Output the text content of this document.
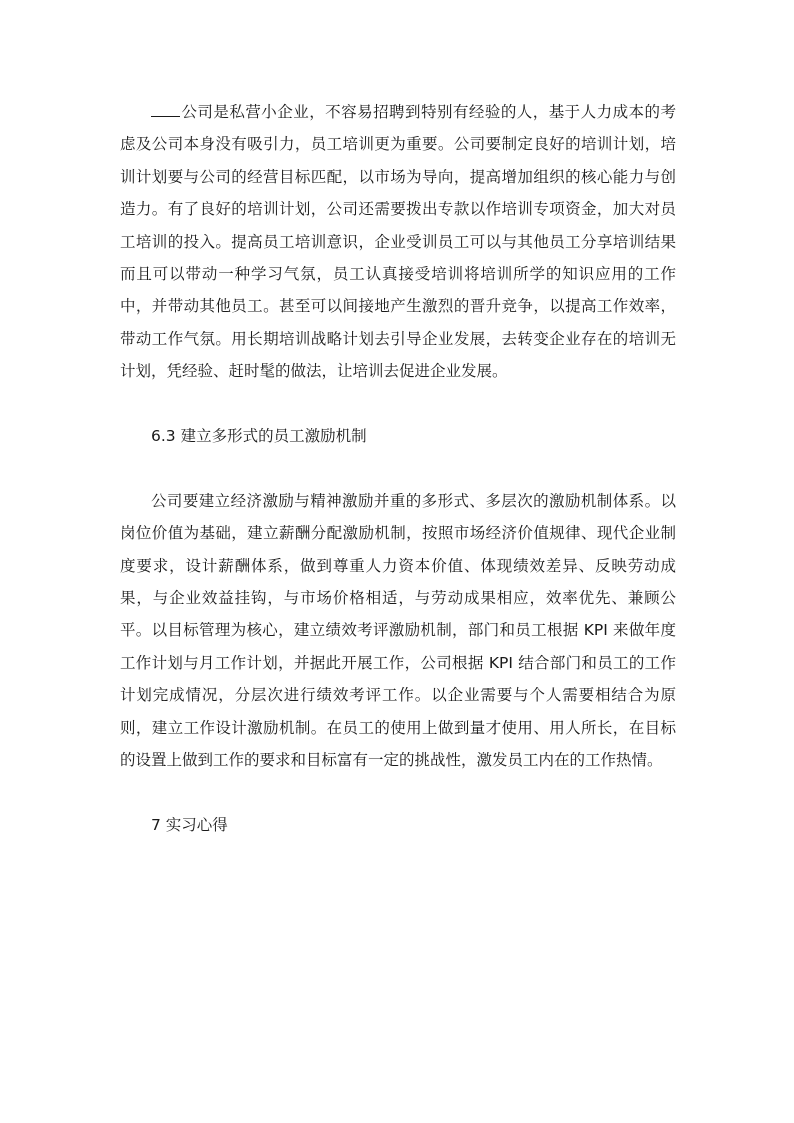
公司是私营小企业，不容易招聘到特别有经验的人，基于人力成本的考虑及公司本身没有吸引力，员工培训更为重要。公司要制定良好的培训计划，培训计划要与公司的经营目标匹配，以市场为导向，提高增加组织的核心能力与创造力。有了良好的培训计划，公司还需要拨出专款以作培训专项资金，加大对员工培训的投入。提高员工培训意识，企业受训员工可以与其他员工分享培训结果而且可以带动一种学习气氛，员工认真接受培训将培训所学的知识应用的工作中，并带动其他员工。甚至可以间接地产生激烈的晋升竞争，以提高工作效率，带动工作气氛。用长期培训战略计划去引导企业发展，去转变企业存在的培训无计划，凭经验、赶时髦的做法，让培训去促进企业发展。

6.3 建立多形式的员工激励机制

公司要建立经济激励与精神激励并重的多形式、多层次的激励机制体系。以岗位价值为基础，建立薪酬分配激励机制，按照市场经济价值规律、现代企业制度要求，设计薪酬体系，做到尊重人力资本价值、体现绩效差异、反映劳动成果，与企业效益挂钩，与市场价格相适，与劳动成果相应，效率优先、兼顾公平。以目标管理为核心，建立绩效考评激励机制，部门和员工根据 KPI 来做年度工作计划与月工作计划，并据此开展工作，公司根据 KPI 结合部门和员工的工作计划完成情况，分层次进行绩效考评工作。以企业需要与个人需要相结合为原则，建立工作设计激励机制。在员工的使用上做到量才使用、用人所长，在目标的设置上做到工作的要求和目标富有一定的挑战性，激发员工内在的工作热情。

7 实习心得
